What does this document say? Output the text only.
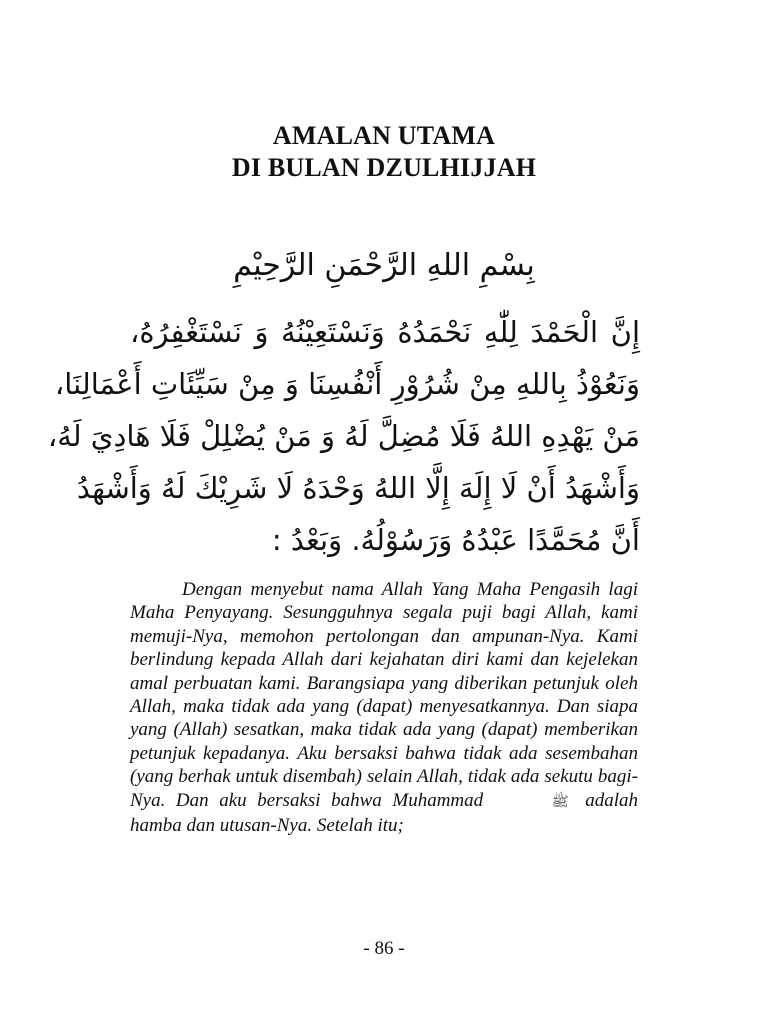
AMALAN UTAMA
DI BULAN DZULHIJJAH
بِسْمِ اللهِ الرَّحْمَنِ الرَّحِيْمِ
إِنَّ الْحَمْدَ لِلّٰهِ نَحْمَدُهُ وَنَسْتَعِيْنُهُ وَ نَسْتَغْفِرُهُ،
وَنَعُوْذُ بِاللهِ مِنْ شُرُوْرِ أَنْفُسِنَا وَ مِنْ سَيِّئَاتِ أَعْمَالِنَا،
مَنْ يَهْدِهِ اللهُ فَلَا مُضِلَّ لَهُ وَ مَنْ يُضْلِلْ فَلَا هَادِيَ لَهُ،
وَأَشْهَدُ أَنْ لَا إِلَهَ إِلَّا اللهُ وَحْدَهُ لَا شَرِيْكَ لَهُ وَأَشْهَدُ
أَنَّ مُحَمَّدًا عَبْدُهُ وَرَسُوْلُهُ. وَبَعْدُ :

Dengan menyebut nama Allah Yang Maha Pengasih lagi Maha Penyayang. Sesungguhnya segala puji bagi Allah, kami memuji-Nya, memohon pertolongan dan ampunan-Nya. Kami berlindung kepada Allah dari kejahatan diri kami dan kejelekan amal perbuatan kami. Barangsiapa yang diberikan petunjuk oleh Allah, maka tidak ada yang (dapat) menyesatkannya. Dan siapa yang (Allah) sesatkan, maka tidak ada yang (dapat) memberikan petunjuk kepadanya. Aku bersaksi bahwa tidak ada sesembahan (yang berhak untuk disembah) selain Allah, tidak ada sekutu bagi-Nya. Dan aku bersaksi bahwa Muhammad	ﷺ adalah hamba dan utusan-Nya. Setelah itu;

- 86 -
